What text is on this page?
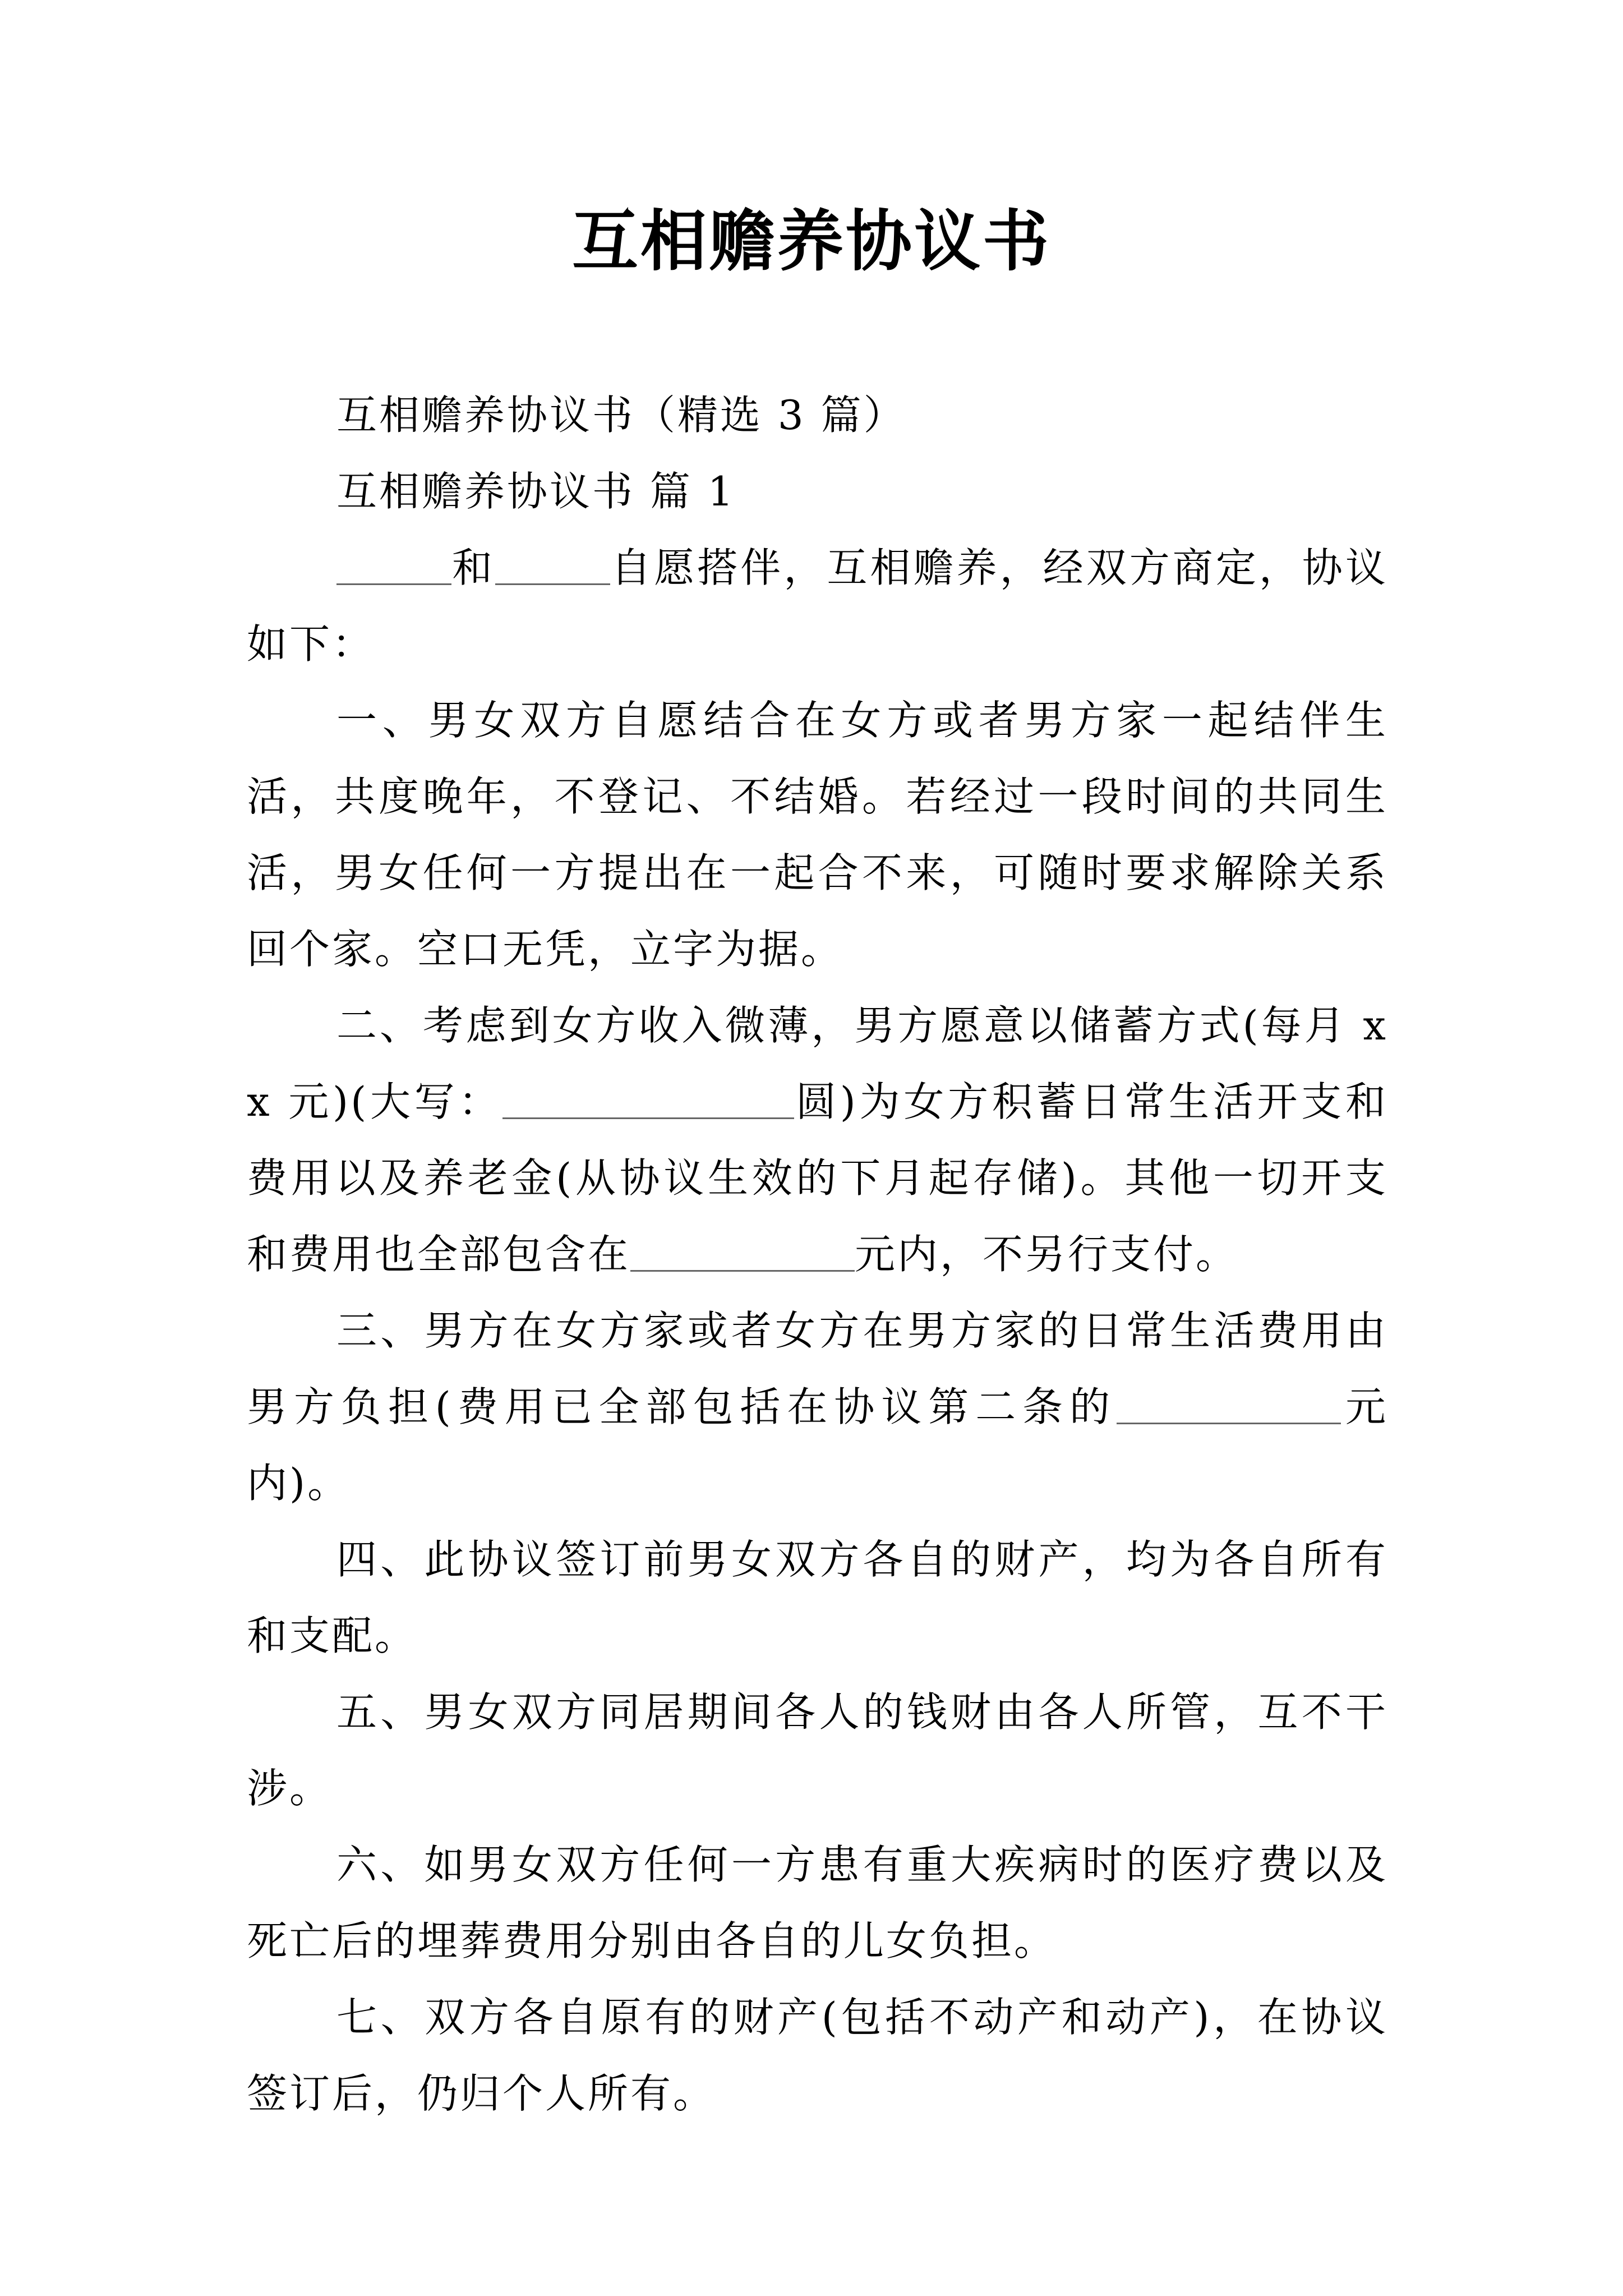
互相赡养协议书

互相赡养协议书（精选 3 篇）

互相赡养协议书 篇 1

和	自愿搭伴，互相赡养，经双方商定，协议如下：

一、男女双方自愿结合在女方或者男方家一起结伴生活，共度晚年，不登记、不结婚。若经过一段时间的共同生活，男女任何一方提出在一起合不来，可随时要求解除关系回个家。空口无凭，立字为据。

二、考虑到女方收入微薄，男方愿意以储蓄方式(每月 xx 元)(大写：	圆)为女方积蓄日常生活开支和费用以及养老金(从协议生效的下月起存储)。其他一切开支和费用也全部包含在	元内，不另行支付。

三、男方在女方家或者女方在男方家的日常生活费用由男方负担(费用已全部包括在协议第二条的	元内)。

四、此协议签订前男女双方各自的财产，均为各自所有和支配。

五、男女双方同居期间各人的钱财由各人所管，互不干涉。

六、如男女双方任何一方患有重大疾病时的医疗费以及死亡后的埋葬费用分别由各自的儿女负担。

七、双方各自原有的财产(包括不动产和动产)，在协议签订后，仍归个人所有。
